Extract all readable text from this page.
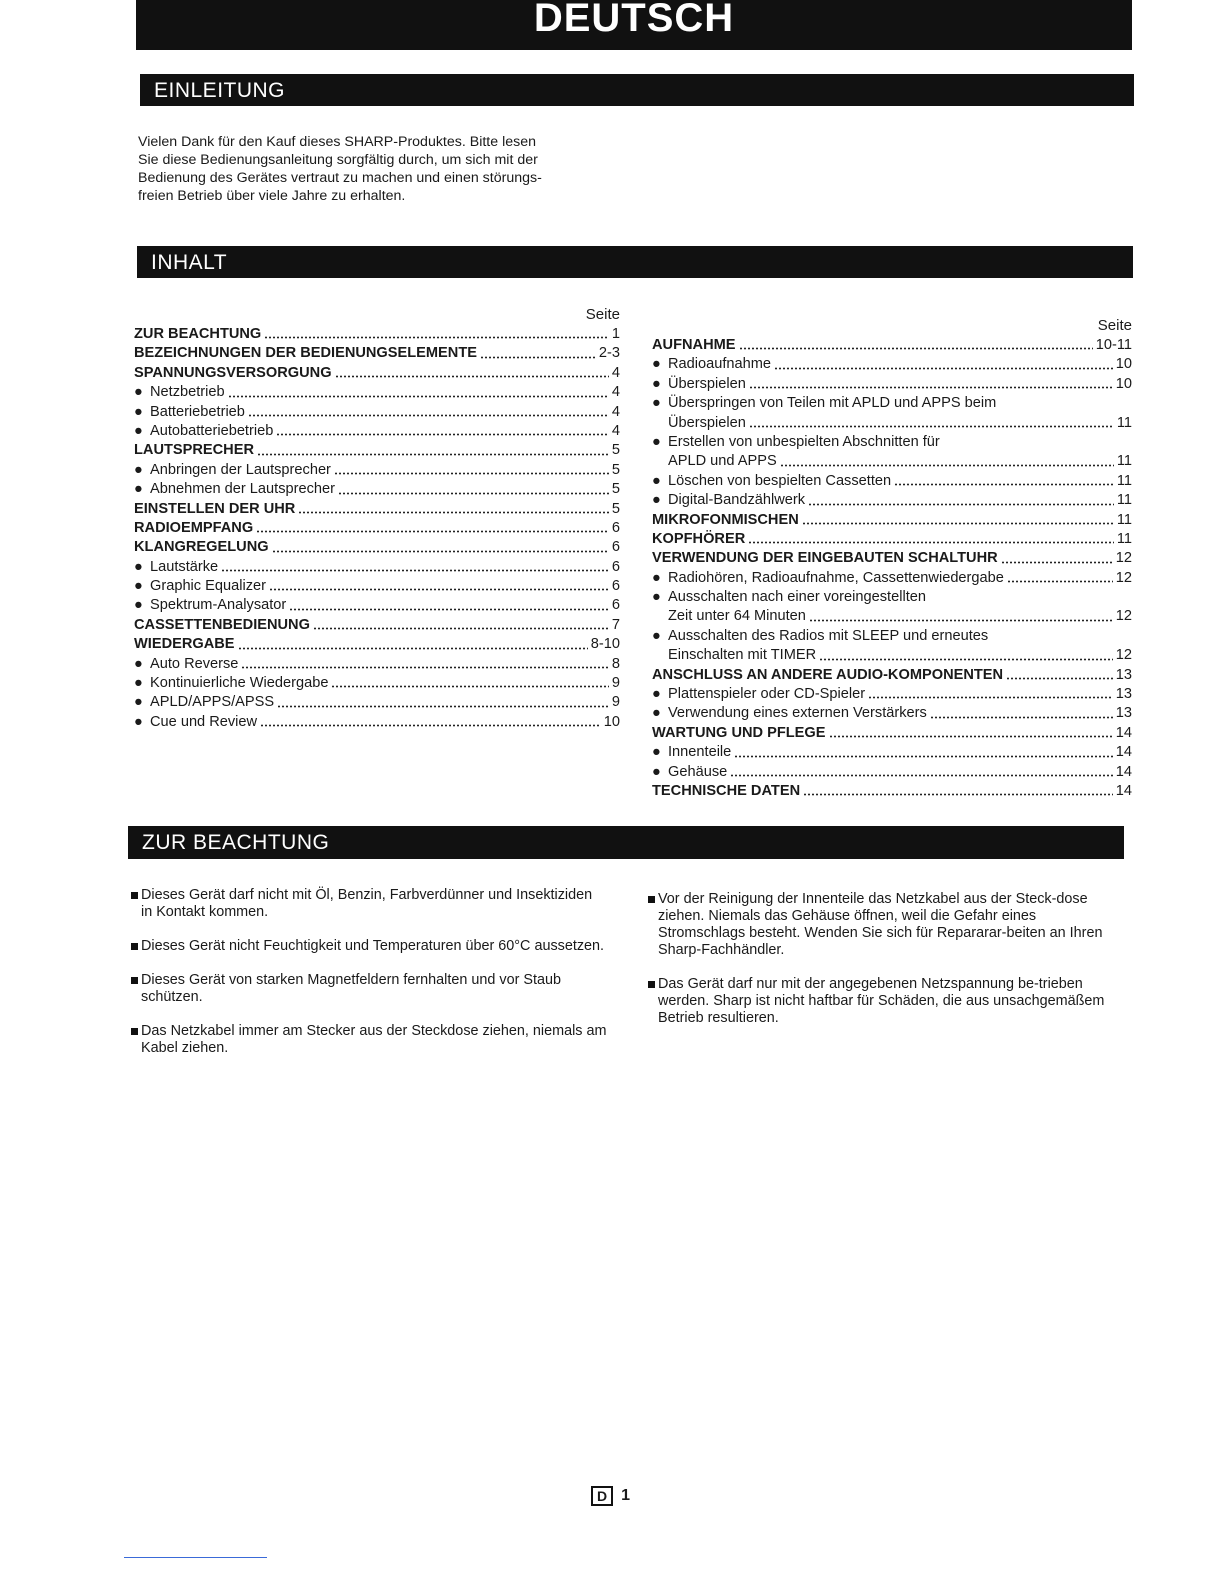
DEUTSCH
EINLEITUNG

Vielen Dank für den Kauf dieses SHARP-Produktes. Bitte lesen

Sie diese Bedienungsanleitung sorgfältig durch, um sich mit der

Bedienung des Gerätes vertraut zu machen und einen störungs-

freien Betrieb über viele Jahre zu erhalten.

INHALT
Seite
ZUR BEACHTUNG	1
BEZEICHNUNGEN DER BEDIENUNGSELEMENTE	2-3
SPANNUNGSVERSORGUNG	4
● Netzbetrieb	4
● Batteriebetrieb	4
● Autobatteriebetrieb	4
LAUTSPRECHER	5
● Anbringen der Lautsprecher	5
● Abnehmen der Lautsprecher	5
EINSTELLEN DER UHR	5
RADIOEMPFANG	6
KLANGREGELUNG	6
● Lautstärke	6
● Graphic Equalizer	6
● Spektrum-Analysator	6
CASSETTENBEDIENUNG	7
WIEDERGABE	8-10
● Auto Reverse	8
● Kontinuierliche Wiedergabe	9
● APLD/APPS/APSS	9
● Cue und Review	10
Seite
AUFNAHME	10-11
● Radioaufnahme	10
● Überspielen	10
● Überspringen von Teilen mit APLD und APPS beim
Überspielen	11
● Erstellen von unbespielten Abschnitten für
APLD und APPS	11
● Löschen von bespielten Cassetten	11
● Digital-Bandzählwerk	11
MIKROFONMISCHEN	11
KOPFHÖRER	11
VERWENDUNG DER EINGEBAUTEN SCHALTUHR	12
● Radiohören, Radioaufnahme, Cassettenwiedergabe	12
● Ausschalten nach einer voreingestellten
Zeit unter 64 Minuten	12
● Ausschalten des Radios mit SLEEP und erneutes
Einschalten mit TIMER	12
ANSCHLUSS AN ANDERE AUDIO-KOMPONENTEN	13
● Plattenspieler oder CD-Spieler	13
● Verwendung eines externen Verstärkers	13
WARTUNG UND PFLEGE	14
● Innenteile	14
● Gehäuse	14
TECHNISCHE DATEN	14
ZUR BEACHTUNG
Dieses Gerät darf nicht mit Öl, Benzin, Farbverdünner und Insektiziden in Kontakt kommen.
Dieses Gerät nicht Feuchtigkeit und Temperaturen über 60°C aussetzen.
Dieses Gerät von starken Magnetfeldern fernhalten und vor Staub schützen.
Das Netzkabel immer am Stecker aus der Steckdose ziehen, niemals am Kabel ziehen.
Vor der Reinigung der Innenteile das Netzkabel aus der Steck-dose ziehen. Niemals das Gehäuse öffnen, weil die Gefahr eines Stromschlags besteht. Wenden Sie sich für Repararar-beiten an Ihren Sharp-Fachhändler.
Das Gerät darf nur mit der angegebenen Netzspannung be-trieben werden. Sharp ist nicht haftbar für Schäden, die aus unsachgemäßem Betrieb resultieren.
D 1
